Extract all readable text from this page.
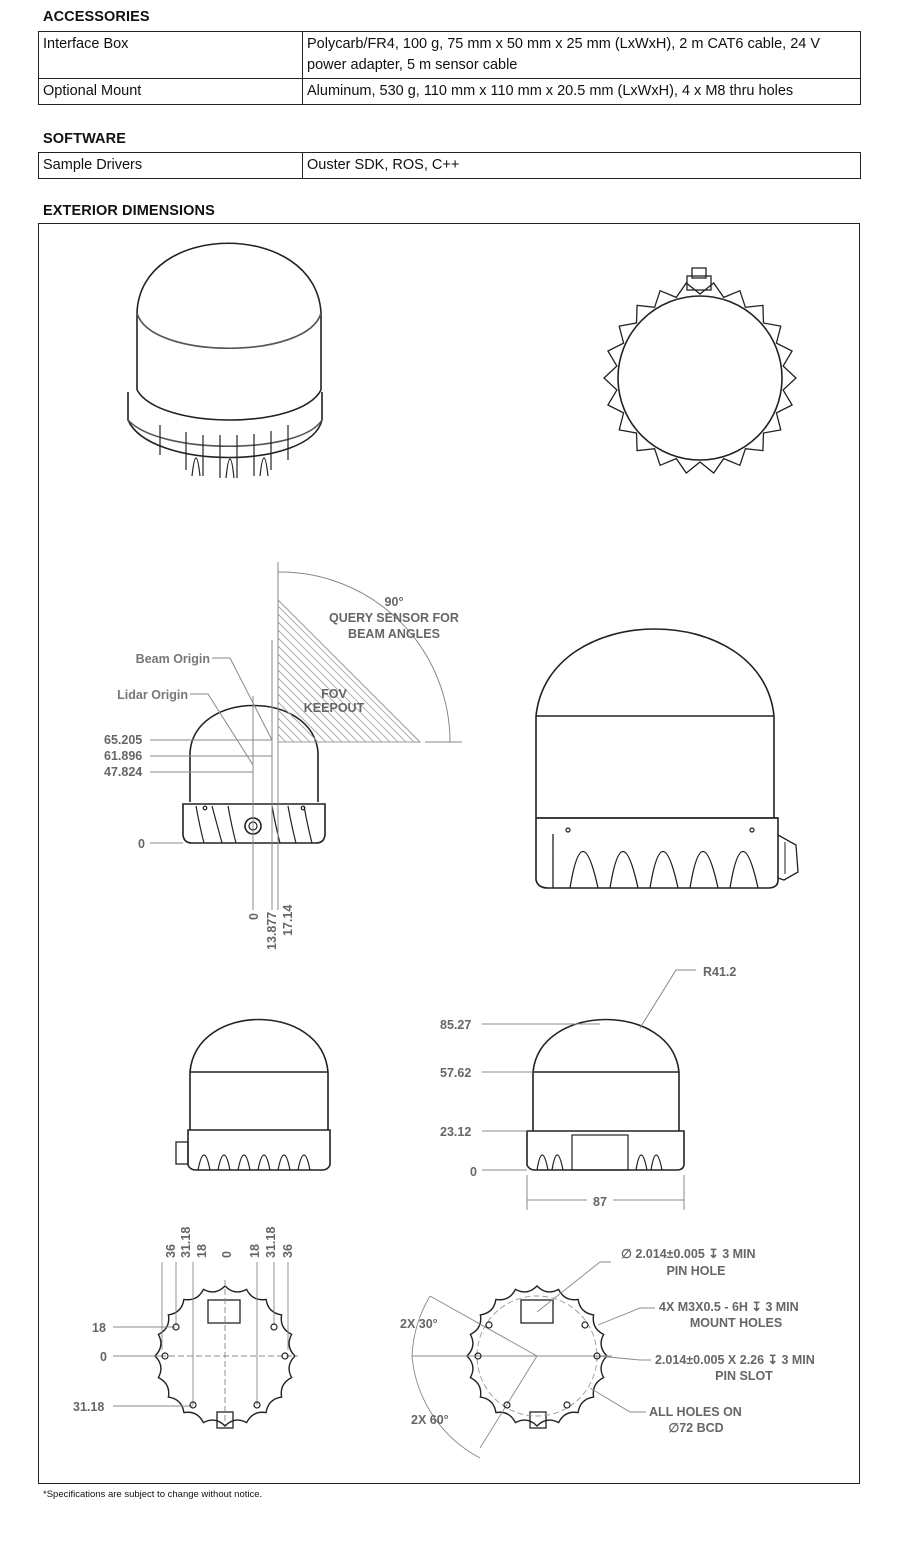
ACCESSORIES
Interface Box	Polycarb/FR4, 100 g, 75 mm x 50 mm x 25 mm (LxWxH), 2 m CAT6 cable, 24 V power adapter, 5 m sensor cable
Optional Mount	Aluminum, 530 g, 110 mm x 110 mm x 20.5 mm (LxWxH), 4 x M8 thru holes
SOFTWARE
Sample Drivers	Ouster SDK, ROS, C++
EXTERIOR DIMENSIONS
90°
QUERY SENSOR FOR
BEAM ANGLES
FOV
KEEPOUT
Beam Origin
Lidar Origin
65.205
61.896
47.824
0
0 13.877 17.14
R41.2
85.27
57.62
23.12
0
87
36 31.18 18 0 18 31.18 36
18
0
31.18
2X 30°
2X 60°
∅ 2.014±0.005 ↧ 3 MIN
PIN HOLE
4X M3X0.5 - 6H ↧ 3 MIN
MOUNT HOLES
2.014±0.005 X 2.26 ↧ 3 MIN
PIN SLOT
ALL HOLES ON
∅72 BCD
*Specifications are subject to change without notice.
